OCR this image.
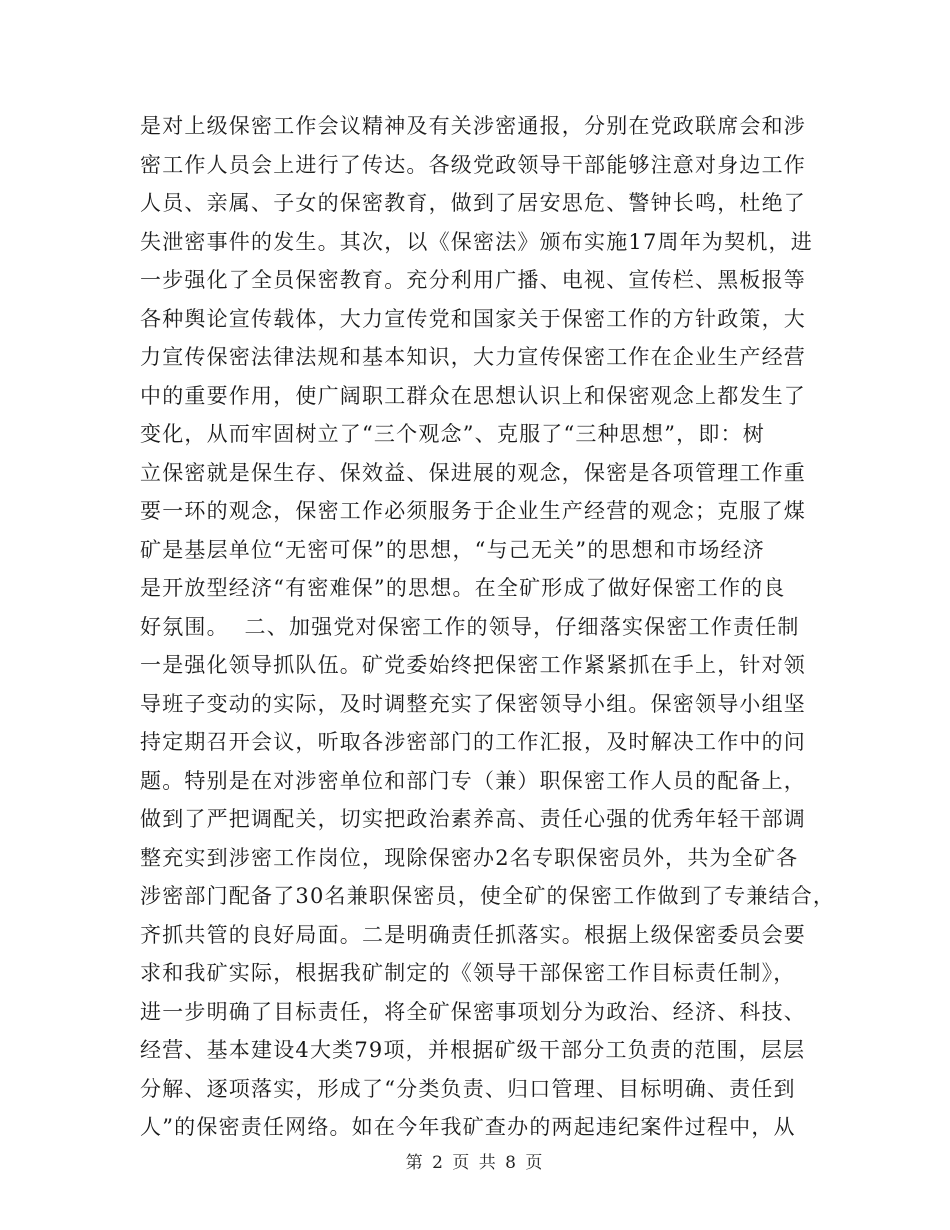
是对上级保密工作会议精神及有关涉密通报，分别在党政联席会和涉
密工作人员会上进行了传达。各级党政领导干部能够注意对身边工作
人员、亲属、子女的保密教育，做到了居安思危、警钟长鸣，杜绝了
失泄密事件的发生。其次，以《保密法》颁布实施17周年为契机，进
一步强化了全员保密教育。充分利用广播、电视、宣传栏、黑板报等
各种舆论宣传载体，大力宣传党和国家关于保密工作的方针政策，大
力宣传保密法律法规和基本知识，大力宣传保密工作在企业生产经营
中的重要作用，使广阔职工群众在思想认识上和保密观念上都发生了
变化，从而牢固树立了“三个观念”、克服了“三种思想”，即：树
立保密就是保生存、保效益、保进展的观念，保密是各项管理工作重
要一环的观念，保密工作必须服务于企业生产经营的观念；克服了煤
矿是基层单位“无密可保”的思想，“与己无关”的思想和市场经济
是开放型经济“有密难保”的思想。在全矿形成了做好保密工作的良
好氛围。  二、加强党对保密工作的领导，仔细落实保密工作责任制
一是强化领导抓队伍。矿党委始终把保密工作紧紧抓在手上，针对领
导班子变动的实际，及时调整充实了保密领导小组。保密领导小组坚
持定期召开会议，听取各涉密部门的工作汇报，及时解决工作中的问
题。特别是在对涉密单位和部门专（兼）职保密工作人员的配备上，
做到了严把调配关，切实把政治素养高、责任心强的优秀年轻干部调
整充实到涉密工作岗位，现除保密办2名专职保密员外，共为全矿各
涉密部门配备了30名兼职保密员，使全矿的保密工作做到了专兼结合，
齐抓共管的良好局面。二是明确责任抓落实。根据上级保密委员会要
求和我矿实际，根据我矿制定的《领导干部保密工作目标责任制》，
进一步明确了目标责任，将全矿保密事项划分为政治、经济、科技、
经营、基本建设4大类79项，并根据矿级干部分工负责的范围，层层
分解、逐项落实，形成了“分类负责、归口管理、目标明确、责任到
人”的保密责任网络。如在今年我矿查办的两起违纪案件过程中，从
第 2 页 共 8 页
